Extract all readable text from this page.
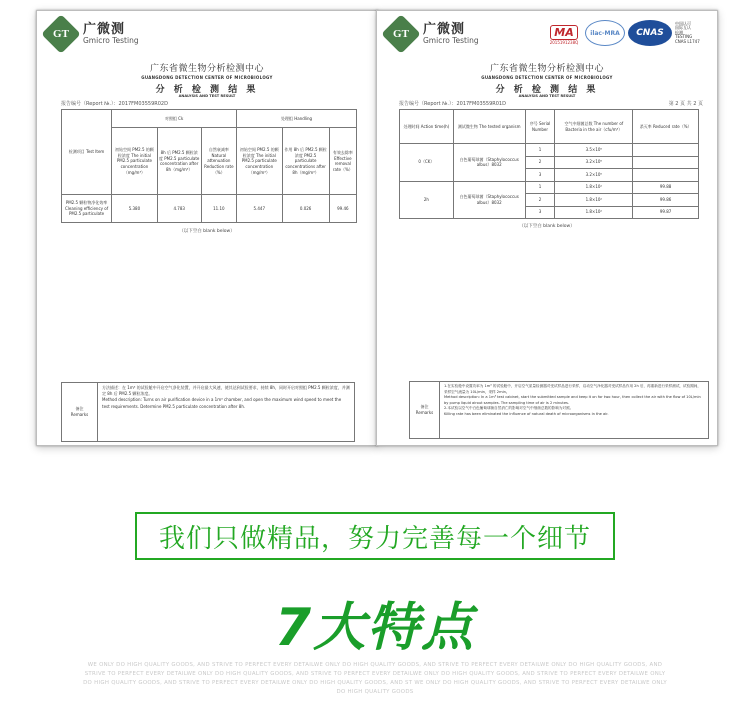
GT 广微测
Gmicro Testing
广东省微生物分析检测中心
GUANGDONG DETECTION CENTER OF MICROBIOLOGY
分 析 检 测 结 果
ANALYSIS AND TEST RESULT
报告编号（Report №.）：2017FM03559R02D
检测项目 Test Item	对照组 Ck			处理组 Handling		
	初始空间 PM2.5 的颗粒浓度 The initial PM2.5 particulate concentration（mg/m³）	8h 后 PM2.5 颗粒浓度 PM2.5 particulate concentration after 8h（mg/m³）	自然衰减率 Natural attenuation Reduction rate（%）	初始空间 PM2.5 的颗粒浓度 The initial PM2.5 particulate concentration（mg/m³）	作用 8h 后 PM2.5 颗粒浓度 PM2.5 particulate concentrations after 8h（mg/m³）	有效去除率 Effective removal rate（%）
PM2.5 颗粒物净化效率 Cleaning efficiency of PM2.5 particulate	5.380	4.783	11.10	5.447	0.026	99.46
（以下空白 blank below）
备注
Remarks
方法描述：在 1m³ 的试验舱中开启空气净化装置，并开启最大风速，使其达到试验要求，持续 8h，同时开启对照组 PM2.5 颗粒浓度，并测定 8h 后 PM2.5 颗粒浓度。
Method description: Turns on air purification device in a 1m³ chamber, and open the maximum wind speed to meet the test requirements. Determine PM2.5 particulate concentration after 8h.
GT 广微测
Gmicro Testing
MA
2015191238Q
ilac-MRA	CNAS
中国认可
国际互认
检测
TESTING
CNAS L1747
广东省微生物分析检测中心
GUANGDONG DETECTION CENTER OF MICROBIOLOGY
分 析 检 测 结 果
ANALYSIS AND TEST RESULT
报告编号（Report №.）：2017FM03559R01D	第 2 页 共 2 页
处理时间 Action time(h)	测试微生物 The tested organism	序号 Serial Number	空气中细菌总数 The number of Bacteria in the air（cfu/m³）	杀灭率 Reduced rate（%）
0（CK）	白色葡萄球菌（Staphylococcus albus）8032	1	3.5×10⁵	
		2	3.2×10⁵	
		3	3.2×10⁵	
2h	白色葡萄球菌（Staphylococcus albus）8032	1	1.8×10²	99.88
		2	1.8×10²	99.86
		3	1.8×10²	99.87
（以下空白 blank below）
备注
Remarks
1.在实验舱中设置功率为 1m³ 的试验舱中，开启空气质量检测器对受试样品进行采样，启动空气净化器对受试样品作用 2h 后，再重新进行采样测试，试验期间，采样空气流量为 10L/min，采样 2min。
Method description: In a 1m³ test cabinet, start the submitted sample and keep it on for two hour, then collect the air with the flow of 10L/min by pump liquid airout samples. The sampling time of air is 2 minutes.
2.本试验以空气中白色葡萄球菌自然消亡的影响对空气中细菌总数的影响为对照。
Killing rate has been eliminated the influence of natural death of microorganisms in the air.
我们只做精品，努力完善每一个细节
7大特点
WE ONLY DO HIGH QUALITY GOODS, AND STRIVE TO PERFECT EVERY DETAILWE ONLY DO HIGH QUALITY GOODS, AND STRIVE TO PERFECT EVERY DETAILWE ONLY DO HIGH QUALITY GOODS, AND STRIVE TO PERFECT EVERY DETAILWE ONLY DO HIGH QUALITY GOODS, AND STRIVE TO PERFECT EVERY DETAILWE ONLY DO HIGH QUALITY GOODS, AND STRIVE TO PERFECT EVERY DETAILWE ONLY DO HIGH QUALITY GOODS, AND STRIVE TO PERFECT EVERY DETAILWE ONLY DO HIGH QUALITY GOODS, AND ST WE ONLY DO HIGH QUALITY GOODS, AND STRIVE TO PERFECT EVERY DETAILWE ONLY DO HIGH QUALITY GOODS
